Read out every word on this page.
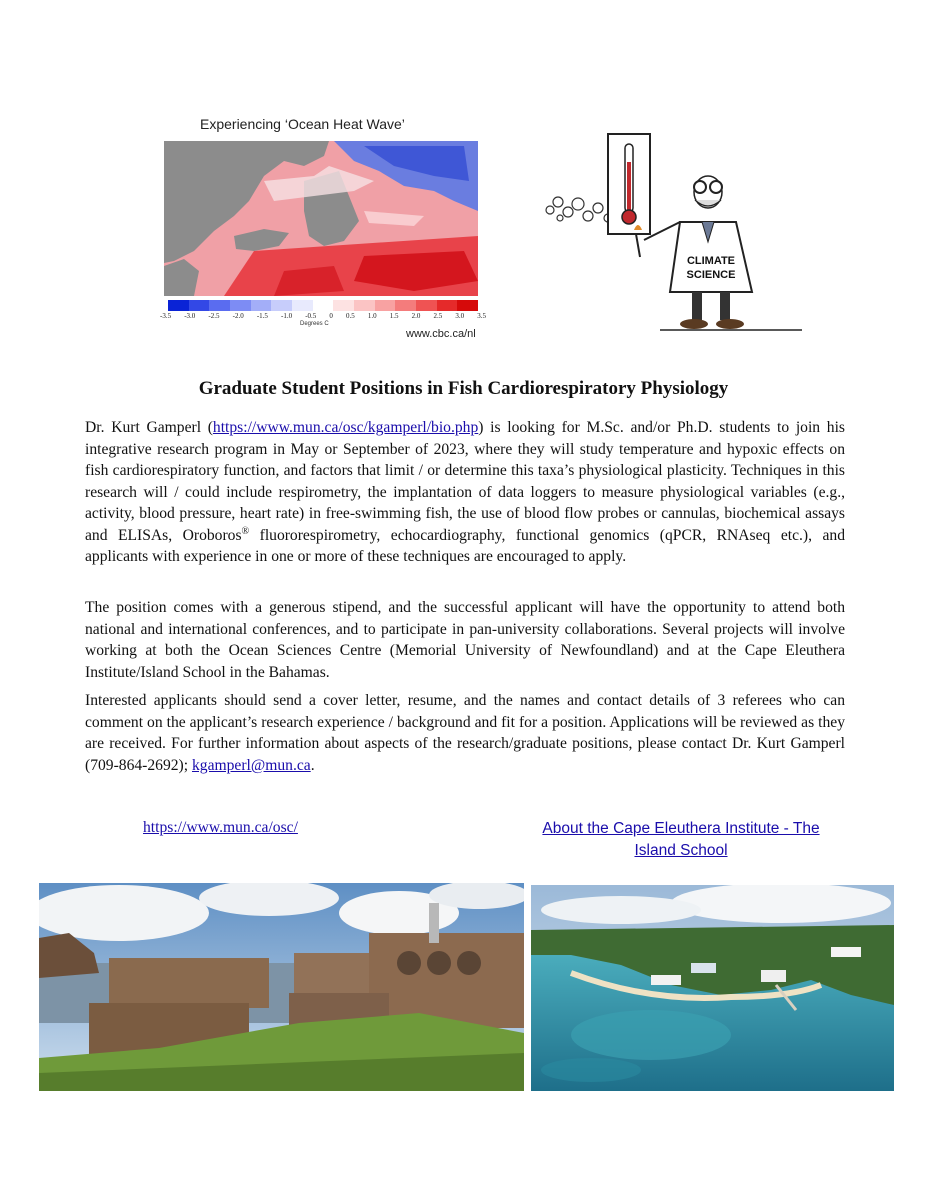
Experiencing ‘Ocean Heat Wave’
-3.5 -3.0 -2.5 -2.0 -1.5 -1.0 -0.5 0 0.5 1.0 1.5 2.0 2.5 3.0 3.5
Degrees C
www.cbc.ca/nl
CLIMATE
SCIENCE
Graduate Student Positions in Fish Cardiorespiratory Physiology

Dr. Kurt Gamperl (https://www.mun.ca/osc/kgamperl/bio.php) is looking for M.Sc. and/or Ph.D. students to join his integrative research program in May or September of 2023, where they will study temperature and hypoxic effects on fish cardiorespiratory function, and factors that limit / or determine this taxa’s physiological plasticity. Techniques in this research will / could include respirometry, the implantation of data loggers to measure physiological variables (e.g., activity, blood pressure, heart rate) in free-swimming fish, the use of blood flow probes or cannulas, biochemical assays and ELISAs, Oroboros® fluororespirometry, echocardiography, functional genomics (qPCR, RNAseq etc.), and applicants with experience in one or more of these techniques are encouraged to apply.

The position comes with a generous stipend, and the successful applicant will have the opportunity to attend both national and international conferences, and to participate in pan-university collaborations. Several projects will involve working at both the Ocean Sciences Centre (Memorial University of Newfoundland) and at the Cape Eleuthera Institute/Island School in the Bahamas.

Interested applicants should send a cover letter, resume, and the names and contact details of 3 referees who can comment on the applicant’s research experience / background and fit for a position. Applications will be reviewed as they are received. For further information about aspects of the research/graduate positions, please contact Dr. Kurt Gamperl (709-864-2692); kgamperl@mun.ca.

https://www.mun.ca/osc/	About the Cape Eleuthera Institute - The Island School
